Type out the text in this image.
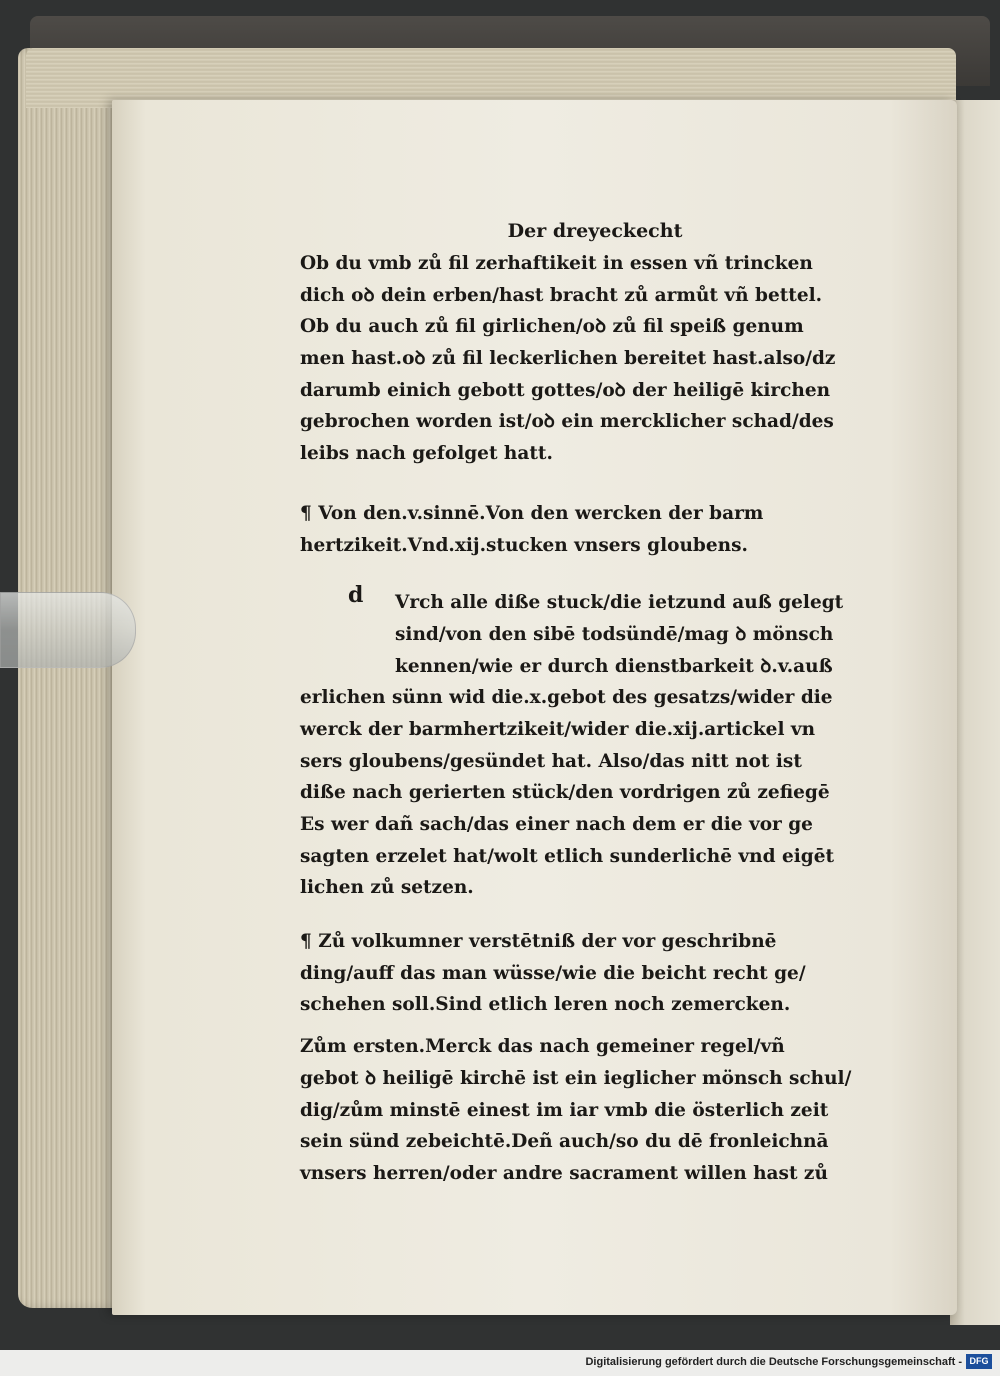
d
Der dreyeckecht
Ob du vmb zů fil zerhaftikeit in essen vñ trincken
dich oꝺ dein erben/hast bracht zů armůt vñ bettel.
Ob du auch zů fil girlichen/oꝺ zů fil speiß genum
men hast.oꝺ zů fil leckerlichen bereitet hast.also/dz
darumb einich gebott gottes/oꝺ der heiligē kirchen
gebrochen worden ist/oꝺ ein mercklicher schad/des
leibs nach gefolget hatt.
¶ Von den.v.sinnē.Von den wercken der barm
hertzikeit.Vnd.xij.stucken vnsers gloubens.
Vrch alle diße stuck/die ietzund auß gelegt
sind/von den sibē todsündē/mag ꝺ mönsch
kennen/wie er durch dienstbarkeit ꝺ.v.auß
erlichen sünn wid die.x.gebot des gesatzs/wider die
werck der barmhertzikeit/wider die.xij.artickel vn
sers gloubens/gesündet hat. Also/das nitt not ist
diße nach gerierten stück/den vordrigen zů zefiegē
Es wer dañ sach/das einer nach dem er die vor ge
sagten erzelet hat/wolt etlich sunderlichē vnd eigēt
lichen zů setzen.
¶ Zů volkumner verstētniß der vor geschribnē
ding/auff das man wüsse/wie die beicht recht ge/
schehen soll.Sind etlich leren noch zemercken.
Zům ersten.Merck das nach gemeiner regel/vñ
gebot ꝺ heiligē kirchē ist ein ieglicher mönsch schul/
dig/zům minstē einest im iar vmb die österlich zeit
sein sünd zebeichtē.Deñ auch/so du dē fronleichnā
vnsers herren/oder andre sacrament willen hast zů
Digitalisierung gefördert durch die Deutsche Forschungsgemeinschaft - DFG
